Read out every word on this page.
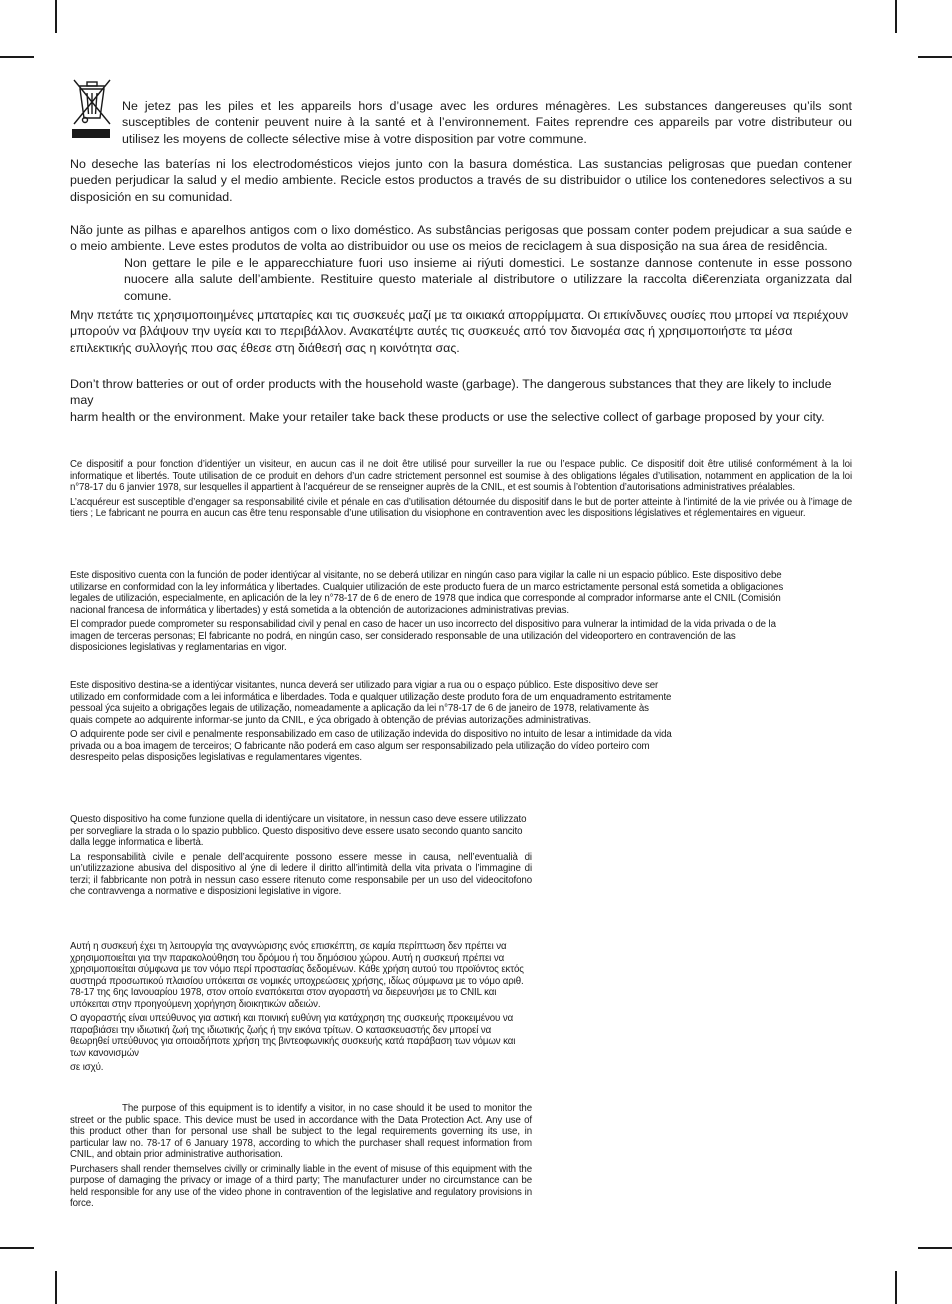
Ne jetez pas les piles et les appareils hors d’usage avec les ordures ménagères. Les substances dangereuses qu’ils sont susceptibles de contenir peuvent nuire à la santé et à l’environnement. Faites reprendre ces appareils par votre distributeur ou utilisez les moyens de collecte sélective mise à votre disposition par votre commune.

No deseche las baterías ni los electrodomésticos viejos junto con la basura doméstica. Las sustancias peligrosas que puedan contener pueden perjudicar la salud y el medio ambiente. Recicle estos productos a través de su distribuidor o utilice los contenedores selectivos a su disposición en su comunidad.

Não junte as pilhas e aparelhos antigos com o lixo doméstico. As substâncias perigosas que possam conter podem prejudicar a sua saúde e o meio ambiente. Leve estes produtos de volta ao distribuidor ou use os meios de reciclagem à sua disposição na sua área de residência.

Non gettare le pile e le apparecchiature fuori uso insieme ai riýuti domestici. Le sostanze dannose contenute in esse possono nuocere alla salute dell’ambiente. Restituire questo materiale al distributore o utilizzare la raccolta di€erenziata organizzata dal comune.

Μην πετάτε τις χρησιμοποιημένες μπαταρίες και τις συσκευές μαζί με τα οικιακά απορρίμματα. Οι επικίνδυνες ουσίες που μπορεί να περιέχουν μπορούν να βλάψουν την υγεία και το περιβάλλον. Ανακατέψτε αυτές τις συσκευές από τον διανομέα σας ή χρησιμοποιήστε τα μέσα επιλεκτικής συλλογής που σας έθεσε στη διάθεσή σας η κοινότητα σας.

Don’t throw batteries or out of order products with the household waste (garbage). The dangerous substances that they are likely to include

may

harm health or the environment. Make your retailer take back these products or use the selective collect of garbage proposed by your city.

Ce dispositif a pour fonction d’identiýer un visiteur, en aucun cas il ne doit être utilisé pour surveiller la rue ou l’espace public. Ce dispositif doit être utilisé conformément à la loi informatique et libertés. Toute utilisation de ce produit en dehors d’un cadre strictement personnel est soumise à des obligations légales d’utilisation, notamment en application de la loi n°78-17 du 6 janvier 1978, sur lesquelles il appartient à l’acquéreur de se renseigner auprès de la CNIL, et est soumis à l’obtention d’autorisations administratives préalables.

L’acquéreur est susceptible d’engager sa responsabilité civile et pénale en cas d’utilisation détournée du dispositif dans le but de porter atteinte à l’intimité de la vie privée ou à l’image de tiers ; Le fabricant ne pourra en aucun cas être tenu responsable d’une utilisation du visiophone en contravention avec les dispositions législatives et réglementaires en vigueur.

Este dispositivo cuenta con la función de poder identiýcar al visitante, no se deberá utilizar en ningún caso para vigilar la calle ni un espacio público. Este dispositivo debe utilizarse en conformidad con la ley informática y libertades. Cualquier utilización de este producto fuera de un marco estrictamente personal está sometida a obligaciones legales de utilización, especialmente, en aplicación de la ley n°78-17 de 6 de enero de 1978 que indica que corresponde al comprador informarse ante el CNIL (Comisión nacional francesa de informática y libertades) y está sometida a la obtención de autorizaciones administrativas previas.

El comprador puede comprometer su responsabilidad civil y penal en caso de hacer un uso incorrecto del dispositivo para vulnerar la intimidad de la vida privada o de la imagen de terceras personas; El fabricante no podrá, en ningún caso, ser considerado responsable de una utilización del videoportero en contravención de las disposiciones legislativas y reglamentarias en vigor.

Este dispositivo destina-se a identiýcar visitantes, nunca deverá ser utilizado para vigiar a rua ou o espaço público. Este dispositivo deve ser utilizado em conformidade com a lei informática e liberdades. Toda e qualquer utilização deste produto fora de um enquadramento estritamente pessoal ýca sujeito a obrigações legais de utilização, nomeadamente a aplicação da lei n°78-17 de 6 de janeiro de 1978, relativamente às quais compete ao adquirente informar-se junto da CNIL, e ýca obrigado à obtenção de prévias autorizações administrativas.

O adquirente pode ser civil e penalmente responsabilizado em caso de utilização indevida do dispositivo no intuito de lesar a intimidade da vida privada ou a boa imagem de terceiros; O fabricante não poderá em caso algum ser responsabilizado pela utilização do vídeo porteiro com desrespeito pelas disposições legislativas e regulamentares vigentes.

Questo dispositivo ha come funzione quella di identiýcare un visitatore, in nessun caso deve essere utilizzato per sorvegliare la strada o lo spazio pubblico. Questo dispositivo deve essere usato secondo quanto sancito dalla legge informatica e libertà.

La responsabilità civile e penale dell’acquirente possono essere messe in causa, nell’eventualià di un’utilizzazione abusiva del dispositivo al ýne di ledere il diritto all’intimità della vita privata o l’immagine di terzi; il fabbricante non potrà in nessun caso essere ritenuto come responsabile per un uso del videocitofono che contravvenga a normative e disposizioni legislative in vigore.

Αυτή η συσκευή έχει τη λειτουργία της αναγνώρισης ενός επισκέπτη, σε καμία περίπτωση δεν πρέπει να χρησιμοποιείται για την παρακολούθηση του δρόμου ή του δημόσιου χώρου. Αυτή η συσκευή πρέπει να χρησιμοποιείται σύμφωνα με τον νόμο περί προστασίας δεδομένων. Κάθε χρήση αυτού του προϊόντος εκτός αυστηρά προσωπικού πλαισίου υπόκειται σε νομικές υποχρεώσεις χρήσης, ιδίως σύμφωνα με το νόμο αριθ. 78-17 της 6ης Ιανουαρίου 1978, στον οποίο εναπόκειται στον αγοραστή να διερευνήσει με το CNIL και υπόκειται στην προηγούμενη χορήγηση διοικητικών αδειών.

Ο αγοραστής είναι υπεύθυνος για αστική και ποινική ευθύνη για κατάχρηση της συσκευής προκειμένου να παραβιάσει την ιδιωτική ζωή της ιδιωτικής ζωής ή την εικόνα τρίτων. Ο κατασκευαστής δεν μπορεί να θεωρηθεί υπεύθυνος για οποιαδήποτε χρήση της βιντεοφωνικής συσκευής κατά παράβαση των νόμων και των κανονισμών

σε ισχύ.

The purpose of this equipment is to identify a visitor, in no case should it be used to monitor the street or the public space. This device must be used in accordance with the Data Protection Act. Any use of this product other than for personal use shall be subject to the legal requirements governing its use, in particular law no. 78-17 of 6 January 1978, according to which the purchaser shall request information from CNIL, and obtain prior administrative authorisation.

Purchasers shall render themselves civilly or criminally liable in the event of misuse of this equipment with the purpose of damaging the privacy or image of a third party; The manufacturer under no circumstance can be held responsible for any use of the video phone in contravention of the legislative and regulatory provisions in force.
